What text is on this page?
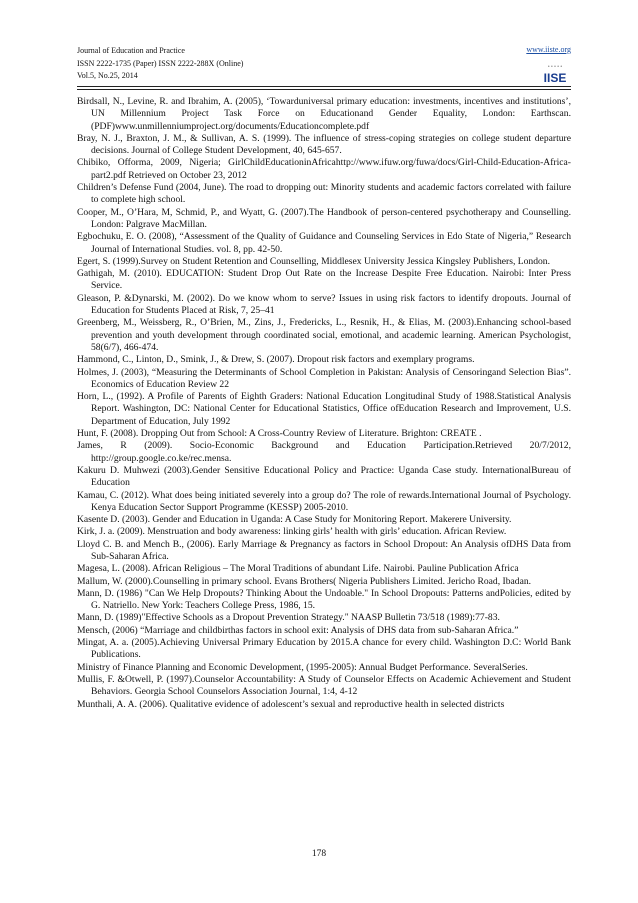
Journal of Education and Practice
ISSN 2222-1735 (Paper) ISSN 2222-288X (Online)
Vol.5, No.25, 2014
www.iiste.org
• • • • •
IISE

Birdsall, N., Levine, R. and Ibrahim, A. (2005), ‘Towarduniversal primary education: investments, incentives and institutions’, UN Millennium Project Task Force on Educationand Gender Equality, London: Earthscan. (PDF)www.unmillenniumproject.org/documents/Educationcomplete.pdf

Bray, N. J., Braxton, J. M., & Sullivan, A. S. (1999). The influence of stress-coping strategies on college student departure decisions. Journal of College Student Development, 40, 645-657.

Chibiko, Offorma, 2009, Nigeria; GirlChildEducationinAfricahttp://www.ifuw.org/fuwa/docs/Girl-Child-Education-Africa-part2.pdf Retrieved on October 23, 2012

Children’s Defense Fund (2004, June). The road to dropping out: Minority students and academic factors correlated with failure to complete high school.

Cooper, M., O’Hara, M, Schmid, P., and Wyatt, G. (2007).The Handbook of person-centered psychotherapy and Counselling. London: Palgrave MacMillan.

Egbochuku, E. O. (2008), “Assessment of the Quality of Guidance and Counseling Services in Edo State of Nigeria,” Research Journal of International Studies. vol. 8, pp. 42-50.

Egert, S. (1999).Survey on Student Retention and Counselling, Middlesex University Jessica Kingsley Publishers, London.

Gathigah, M. (2010). EDUCATION: Student Drop Out Rate on the Increase Despite Free Education. Nairobi: Inter Press Service.

Gleason, P. &Dynarski, M. (2002). Do we know whom to serve? Issues in using risk factors to identify dropouts. Journal of Education for Students Placed at Risk, 7, 25–41

Greenberg, M., Weissberg, R., O’Brien, M., Zins, J., Fredericks, L., Resnik, H., & Elias, M. (2003).Enhancing school-based prevention and youth development through coordinated social, emotional, and academic learning. American Psychologist, 58(6/7), 466-474.

Hammond, C., Linton, D., Smink, J., & Drew, S. (2007). Dropout risk factors and exemplary programs.

Holmes, J. (2003), “Measuring the Determinants of School Completion in Pakistan: Analysis of Censoringand Selection Bias”. Economics of Education Review 22

Horn, L., (1992). A Profile of Parents of Eighth Graders: National Education Longitudinal Study of 1988.Statistical Analysis Report. Washington, DC: National Center for Educational Statistics, Office ofEducation Research and Improvement, U.S. Department of Education, July 1992

Hunt, F. (2008). Dropping Out from School: A Cross-Country Review of Literature. Brighton: CREATE .

James, R (2009). Socio-Economic Background and Education Participation.Retrieved 20/7/2012, http://group.google.co.ke/rec.mensa.

Kakuru D. Muhwezi (2003).Gender Sensitive Educational Policy and Practice: Uganda Case study. InternationalBureau of Education

Kamau, C. (2012). What does being initiated severely into a group do? The role of rewards.International Journal of Psychology. Kenya Education Sector Support Programme (KESSP) 2005-2010.

Kasente D. (2003). Gender and Education in Uganda: A Case Study for Monitoring Report. Makerere University.

Kirk, J. a. (2009). Menstruation and body awareness: linking girls’ health with girls’ education. African Review.

Lloyd C. B. and Mench B., (2006). Early Marriage & Pregnancy as factors in School Dropout: An Analysis ofDHS Data from Sub-Saharan Africa.

Magesa, L. (2008). African Religious – The Moral Traditions of abundant Life. Nairobi. Pauline Publication Africa

Mallum, W. (2000).Counselling in primary school. Evans Brothers( Nigeria Publishers Limited. Jericho Road, Ibadan.

Mann, D. (1986) "Can We Help Dropouts? Thinking About the Undoable." In School Dropouts: Patterns andPolicies, edited by G. Natriello. New York: Teachers College Press, 1986, 15.

Mann, D. (1989)"Effective Schools as a Dropout Prevention Strategy." NAASP Bulletin 73/518 (1989):77-83.

Mensch, (2006) “Marriage and childbirthas factors in school exit: Analysis of DHS data from sub-Saharan Africa.”

Mingat, A. a. (2005).Achieving Universal Primary Education by 2015.A chance for every child. Washington D.C: World Bank Publications.

Ministry of Finance Planning and Economic Development, (1995-2005): Annual Budget Performance. SeveralSeries.

Mullis, F. &Otwell, P. (1997).Counselor Accountability: A Study of Counselor Effects on Academic Achievement and Student Behaviors. Georgia School Counselors Association Journal, 1:4, 4-12

Munthali, A. A. (2006). Qualitative evidence of adolescent’s sexual and reproductive health in selected districts

178
